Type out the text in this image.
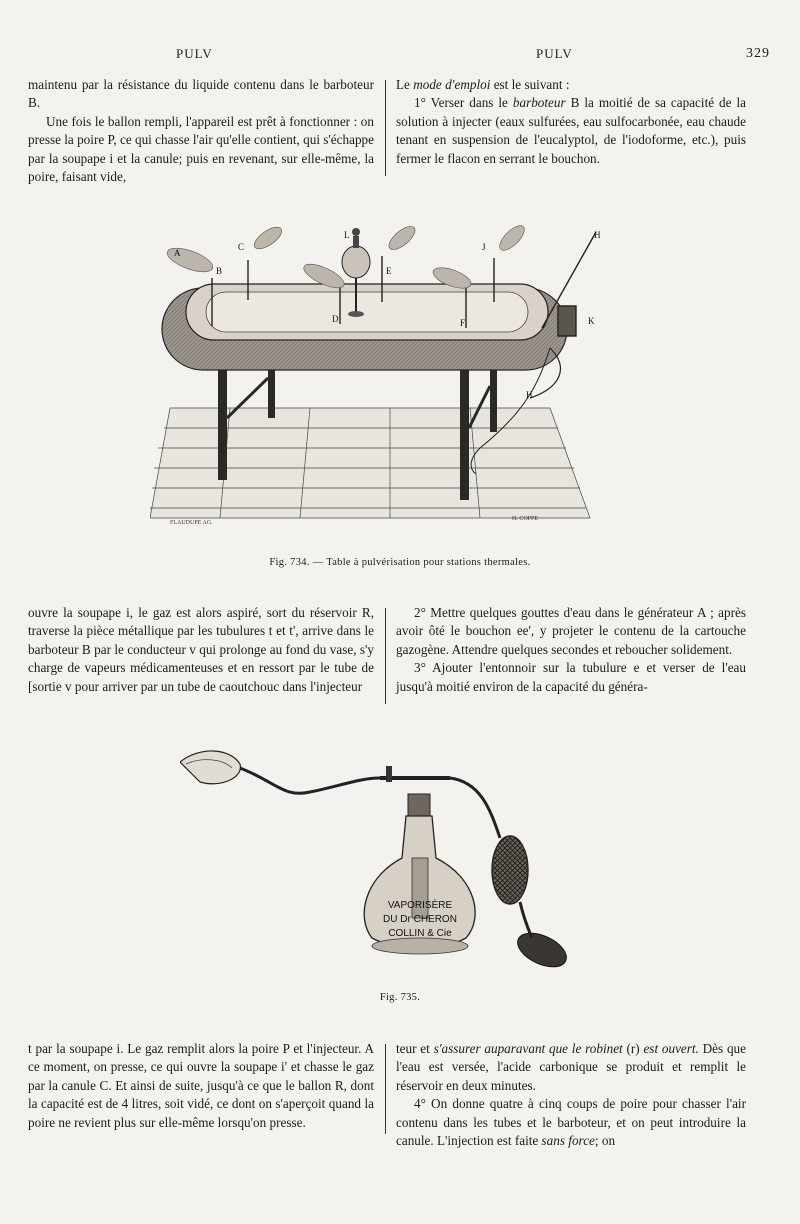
PULV	PULV	329

maintenu par la résistance du liquide contenu dans le barboteur B.

Une fois le ballon rempli, l'appareil est prêt à fonctionner : on presse la poire P, ce qui chasse l'air qu'elle contient, qui s'échappe par la soupape i et la canule; puis en revenant, sur elle-même, la poire, faisant vide,

Le mode d'emploi est le suivant :

1° Verser dans le barboteur B la moitié de sa capacité de la solution à injecter (eaux sulfurées, eau sulfocarbonée, eau chaude tenant en suspension de l'eucalyptol, de l'iodoforme, etc.), puis fermer le flacon en serrant le bouchon.

A
B
C
D
E
F
H
H
J
K
L
FLAUDUPE AG.
H. COPPE
Fig. 734. — Table à pulvérisation pour stations thermales.

ouvre la soupape i, le gaz est alors aspiré, sort du réservoir R, traverse la pièce métallique par les tubulures t et t', arrive dans le barboteur B par le conducteur v qui prolonge au fond du vase, s'y charge de vapeurs médicamenteuses et en ressort par le tube de [sortie v pour arriver par un tube de caoutchouc dans l'injecteur

2° Mettre quelques gouttes d'eau dans le générateur A ; après avoir ôté le bouchon ee', y projeter le contenu de la cartouche gazogène. Attendre quelques secondes et reboucher solidement.

3° Ajouter l'entonnoir sur la tubulure e et verser de l'eau jusqu'à moitié environ de la capacité du généra-

VAPORISÈRE
DU Dr CHERON
COLLIN & Cie
Fig. 735.

t par la soupape i. Le gaz remplit alors la poire P et l'injecteur. A ce moment, on presse, ce qui ouvre la soupape i' et chasse le gaz par la canule C. Et ainsi de suite, jusqu'à ce que le ballon R, dont la capacité est de 4 litres, soit vidé, ce dont on s'aperçoit quand la poire ne revient plus sur elle-même lorsqu'on presse.

teur et s'assurer auparavant que le robinet (r) est ouvert. Dès que l'eau est versée, l'acide carbonique se produit et remplit le réservoir en deux minutes.

4° On donne quatre à cinq coups de poire pour chasser l'air contenu dans les tubes et le barboteur, et on peut introduire la canule. L'injection est faite sans force; on
